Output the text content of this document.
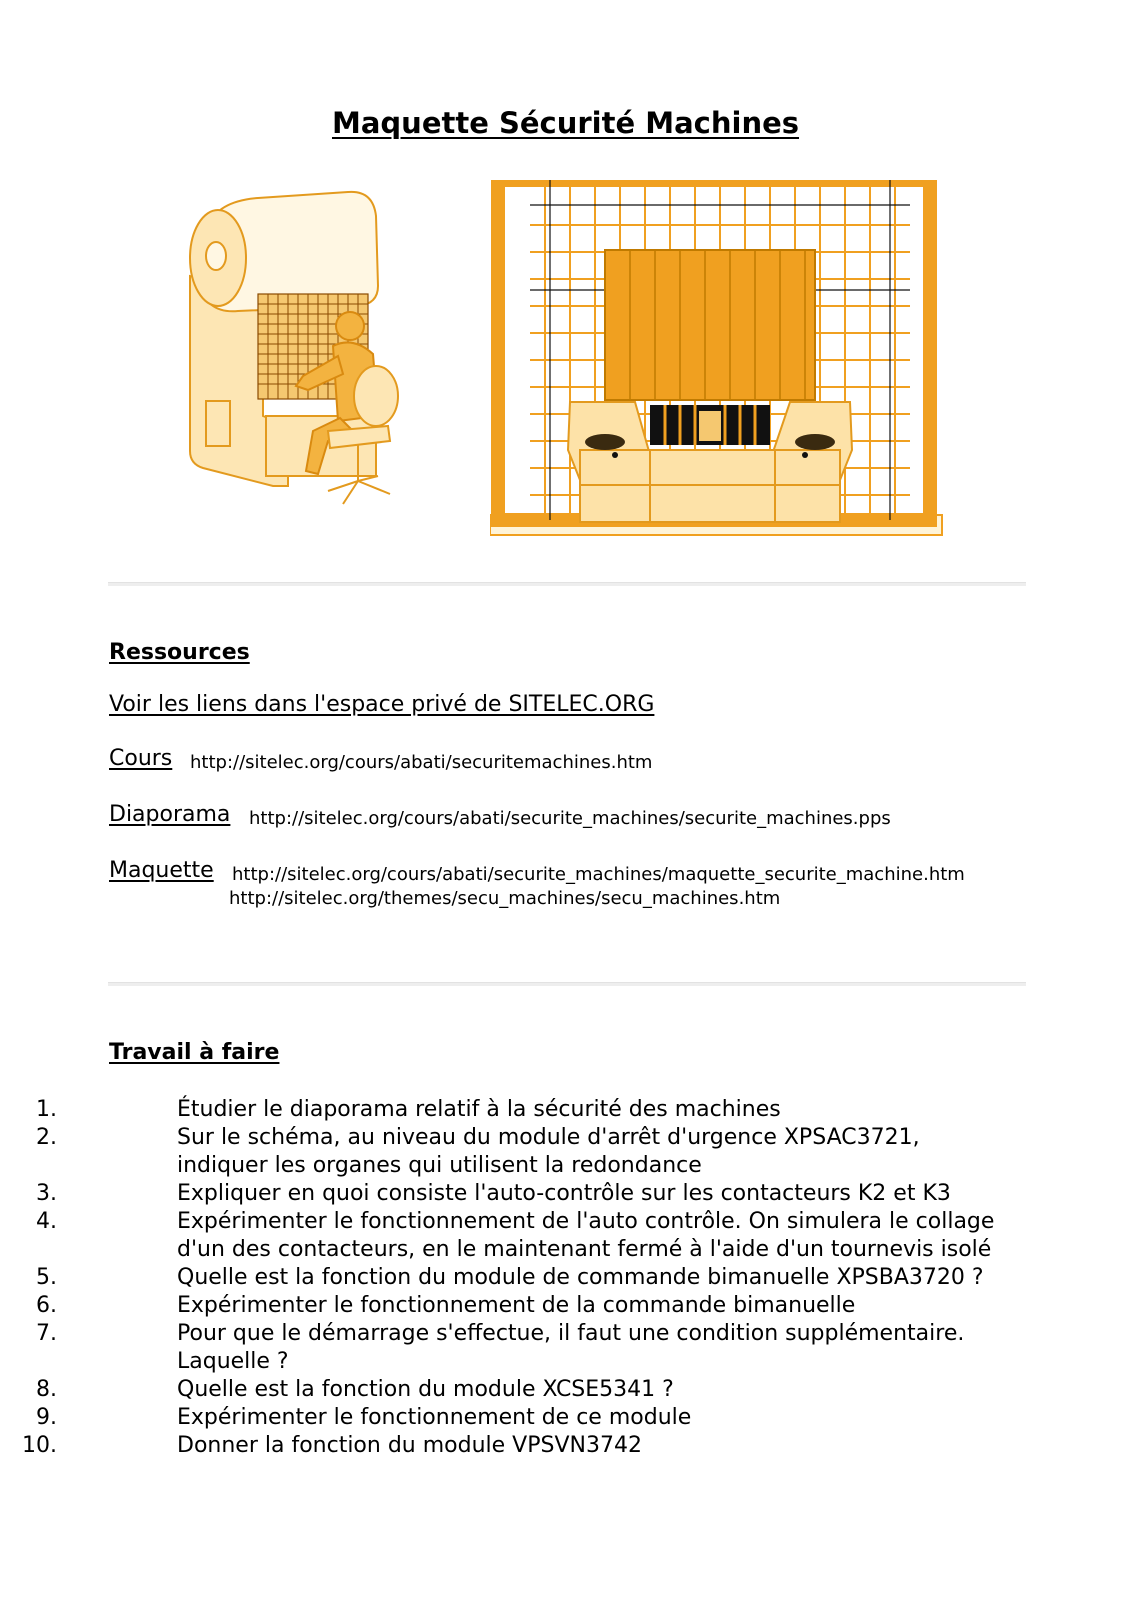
Maquette Sécurité Machines
Ressources
Voir les liens dans l'espace privé de SITELEC.ORG
Cours http://sitelec.org/cours/abati/securitemachines.htm
Diaporama http://sitelec.org/cours/abati/securite_machines/securite_machines.pps
Maquette http://sitelec.org/cours/abati/securite_machines/maquette_securite_machine.htm
http://sitelec.org/themes/secu_machines/secu_machines.htm
Travail à faire
1.	Étudier le diaporama relatif à la sécurité des machines
2.	Sur le schéma, au niveau du module d'arrêt d'urgence XPSAC3721,
indiquer les organes qui utilisent la redondance
3.	Expliquer en quoi consiste l'auto-contrôle sur les contacteurs K2 et K3
4.	Expérimenter le fonctionnement de l'auto contrôle. On simulera le collage
d'un des contacteurs, en le maintenant fermé à l'aide d'un tournevis isolé
5.	Quelle est la fonction du module de commande bimanuelle XPSBA3720 ?
6.	Expérimenter le fonctionnement de la commande bimanuelle
7.	Pour que le démarrage s'effectue, il faut une condition supplémentaire.
Laquelle ?
8.	Quelle est la fonction du module XCSE5341 ?
9.	Expérimenter le fonctionnement de ce module
10.	Donner la fonction du module VPSVN3742
